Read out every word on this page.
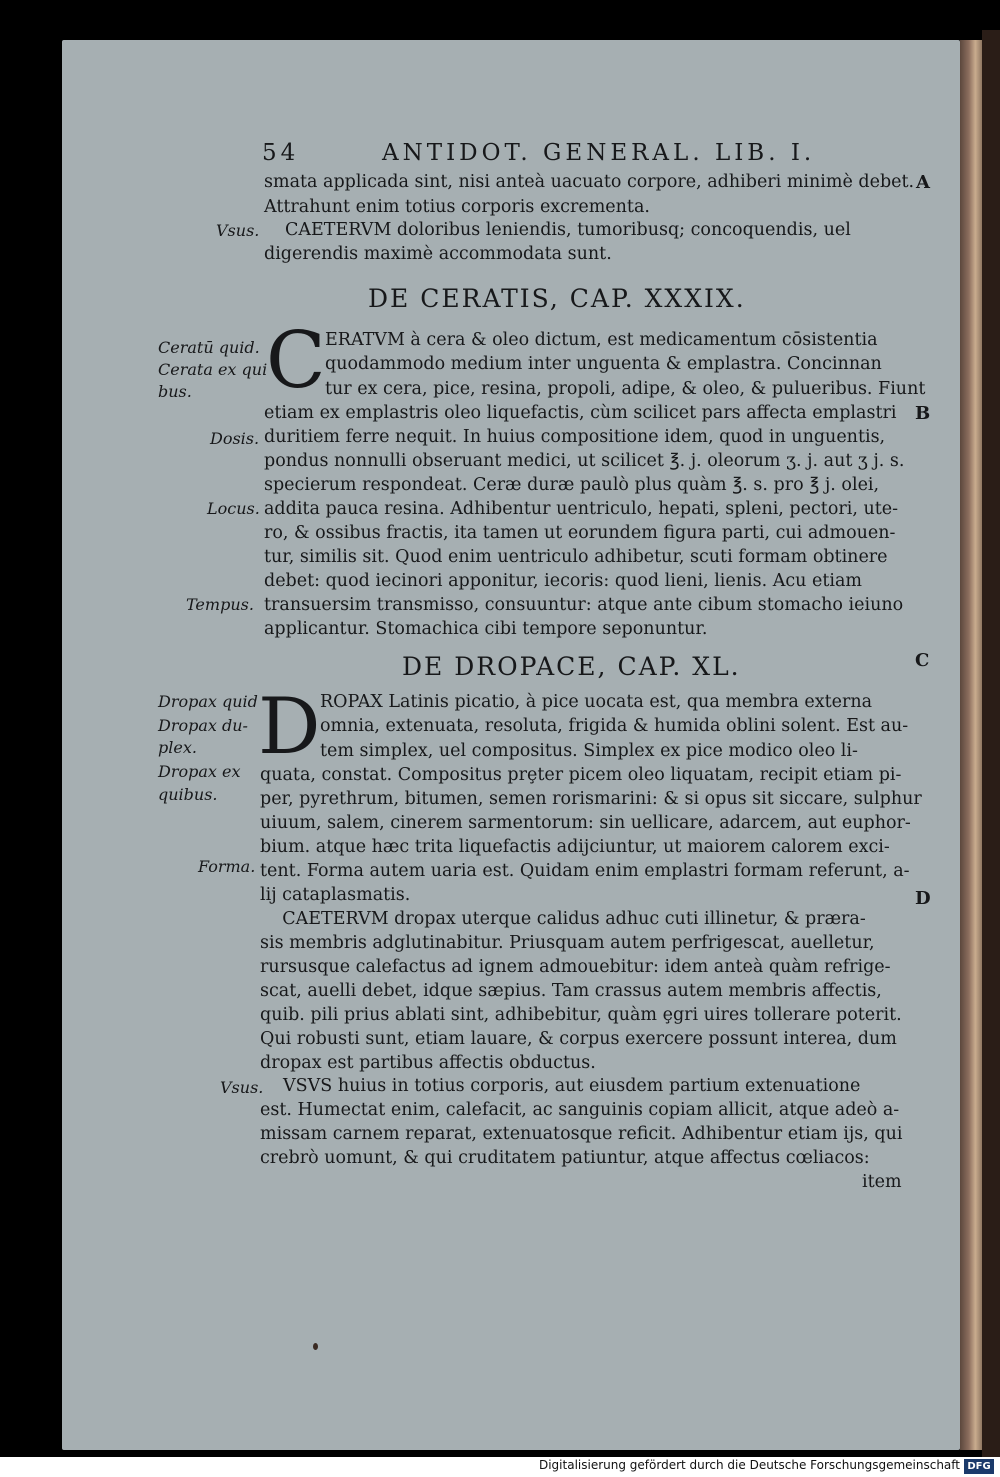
54	ANTIDOT. GENERAL. LIB. I.
smata applicada sint, nisi anteà uacuato corpore, adhiberi minimè debet.
Attrahunt enim totius corporis excrementa.
CAETERVM doloribus leniendis, tumoribusq; concoquendis, uel
digerendis maximè accommodata sunt.
DE CERATIS, CAP. XXXIX.
C ERATVM à cera & oleo dictum, est medicamentum cōsistentia
quodammodo medium inter unguenta & emplastra. Concinnan
tur ex cera, pice, resina, propoli, adipe, & oleo, & pulueribus. Fiunt
etiam ex emplastris oleo liquefactis, cùm scilicet pars affecta emplastri
duritiem ferre nequit. In huius compositione idem, quod in unguentis,
pondus nonnulli obseruant medici, ut scilicet ℥. j. oleorum ʒ. j. aut ʒ j. s.
specierum respondeat. Ceræ duræ paulò plus quàm ℥. s. pro ℥ j. olei,
addita pauca resina. Adhibentur uentriculo, hepati, spleni, pectori, ute-
ro, & ossibus fractis, ita tamen ut eorundem figura parti, cui admouen-
tur, similis sit. Quod enim uentriculo adhibetur, scuti formam obtinere
debet: quod iecinori apponitur, iecoris: quod lieni, lienis. Acu etiam
transuersim transmisso, consuuntur: atque ante cibum stomacho ieiuno
applicantur. Stomachica cibi tempore seponuntur.
DE DROPACE, CAP. XL.
D ROPAX Latinis picatio, à pice uocata est, qua membra externa
omnia, extenuata, resoluta, frigida & humida oblini solent. Est au-
tem simplex, uel compositus. Simplex ex pice modico oleo li-
quata, constat. Compositus prȩter picem oleo liquatam, recipit etiam pi-
per, pyrethrum, bitumen, semen rorismarini: & si opus sit siccare, sulphur
uiuum, salem, cinerem sarmentorum: sin uellicare, adarcem, aut euphor-
bium. atque hæc trita liquefactis adijciuntur, ut maiorem calorem exci-
tent. Forma autem uaria est. Quidam enim emplastri formam referunt, a-
lij cataplasmatis.
CAETERVM dropax uterque calidus adhuc cuti illinetur, & præra-
sis membris adglutinabitur. Priusquam autem perfrigescat, auelletur,
rursusque calefactus ad ignem admouebitur: idem anteà quàm refrige-
scat, auelli debet, idque sæpius. Tam crassus autem membris affectis,
quib. pili prius ablati sint, adhibebitur, quàm ȩgri uires tollerare poterit.
Qui robusti sunt, etiam lauare, & corpus exercere possunt interea, dum
dropax est partibus affectis obductus.
VSVS huius in totius corporis, aut eiusdem partium extenuatione
est. Humectat enim, calefacit, ac sanguinis copiam allicit, atque adeò a-
missam carnem reparat, extenuatosque reficit. Adhibentur etiam ijs, qui
crebrò uomunt, & qui cruditatem patiuntur, atque affectus cœliacos:
item
Vsus.
Ceratū quid.
Cerata ex qui
bus.
Dosis.
Locus.
Tempus.
Dropax quid
Dropax du-
plex.
Dropax ex
quibus.
Forma.
Vsus.
A
B
C
D
Digitalisierung gefördert durch die Deutsche Forschungsgemeinschaft DFG
